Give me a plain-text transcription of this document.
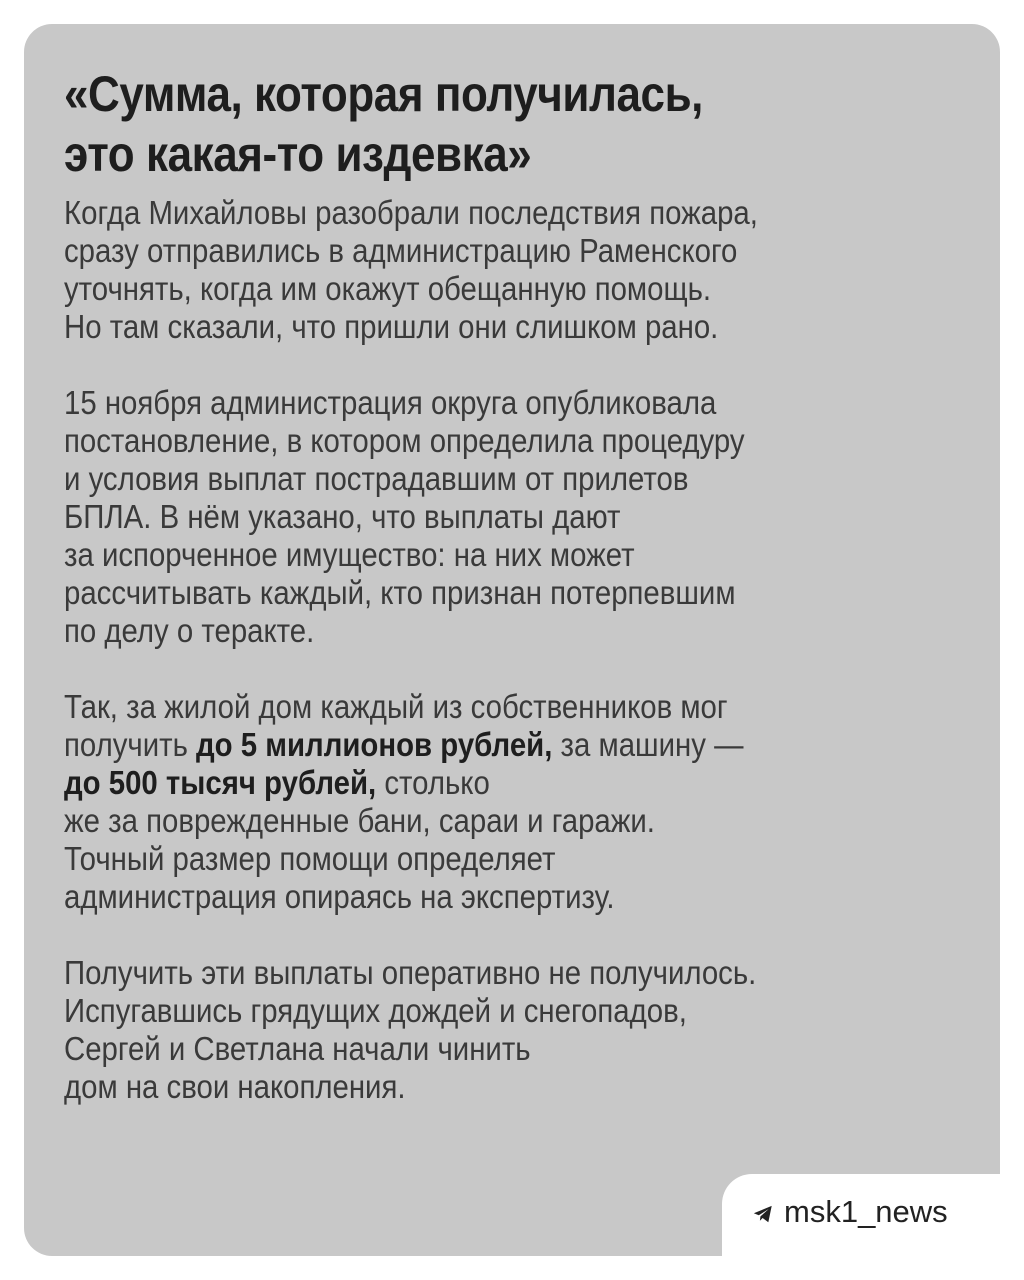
«Сумма, которая получилась,
это какая-то издевка»
Когда Михайловы разобрали последствия пожара,
сразу отправились в администрацию Раменского
уточнять, когда им окажут обещанную помощь.
Но там сказали, что пришли они слишком рано.
15 ноября администрация округа опубликовала
постановление, в котором определила процедуру
и условия выплат пострадавшим от прилетов
БПЛА. В нём указано, что выплаты дают
за испорченное имущество: на них может
рассчитывать каждый, кто признан потерпевшим
по делу о теракте.
Так, за жилой дом каждый из собственников мог
получить до 5 миллионов рублей, за машину —
до 500 тысяч рублей, столько
же за поврежденные бани, сараи и гаражи.
Точный размер помощи определяет
администрация опираясь на экспертизу.
Получить эти выплаты оперативно не получилось.
Испугавшись грядущих дождей и снегопадов,
Сергей и Светлана начали чинить
дом на свои накопления.
msk1_news
